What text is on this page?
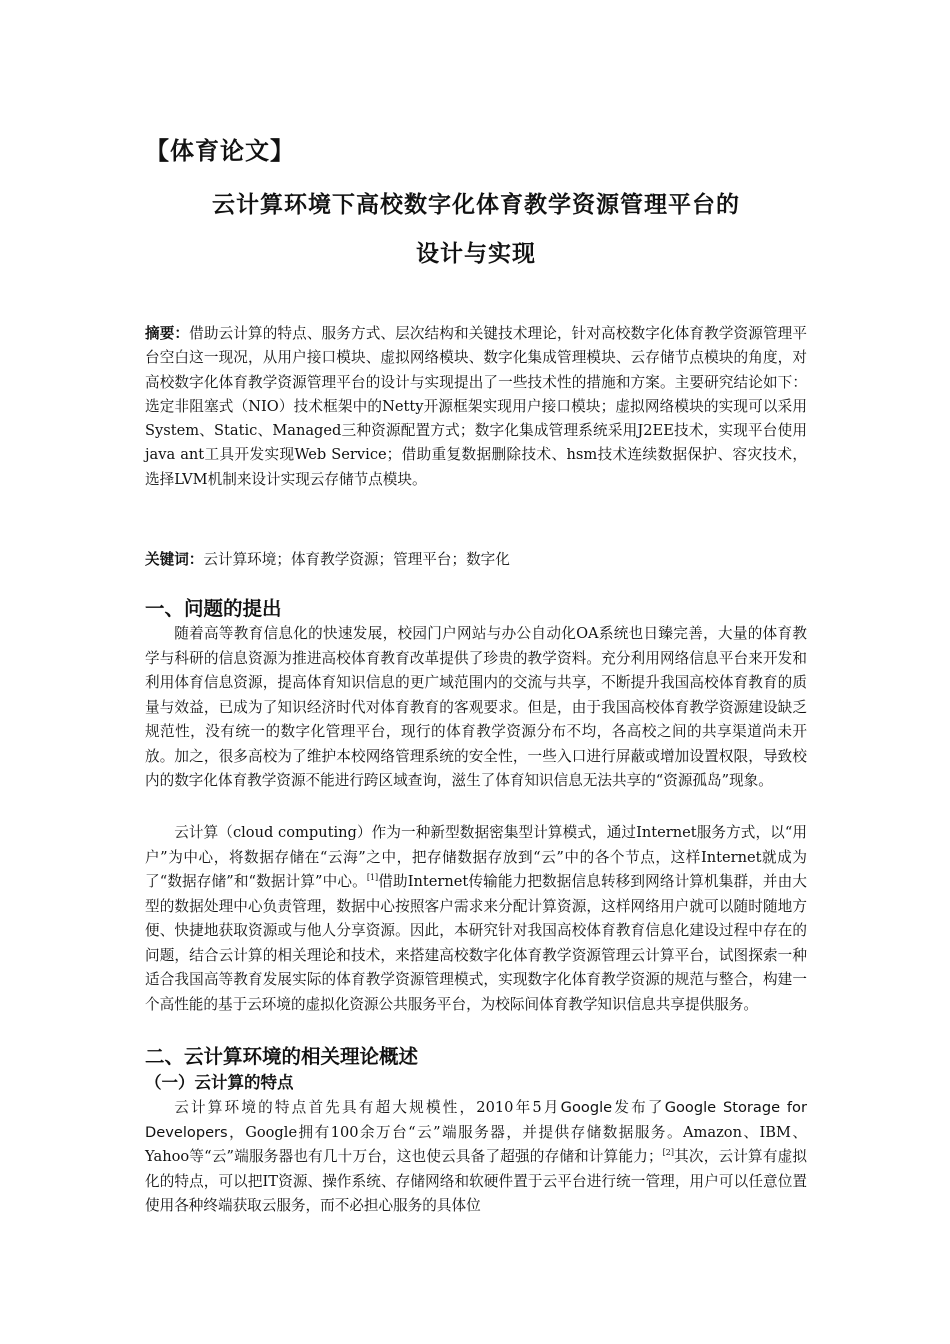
【体育论文】
云计算环境下高校数字化体育教学资源管理平台的
设计与实现
摘要：借助云计算的特点、服务方式、层次结构和关键技术理论，针对高校数字化体育教学资源管理平台空白这一现况，从用户接口模块、虚拟网络模块、数字化集成管理模块、云存储节点模块的角度，对高校数字化体育教学资源管理平台的设计与实现提出了一些技术性的措施和方案。主要研究结论如下：选定非阻塞式（NIO）技术框架中的Netty开源框架实现用户接口模块；虚拟网络模块的实现可以采用System、Static、Managed三种资源配置方式；数字化集成管理系统采用J2EE技术，实现平台使用java ant工具开发实现Web Service；借助重复数据删除技术、hsm技术连续数据保护、容灾技术，选择LVM机制来设计实现云存储节点模块。
关键词：云计算环境；体育教学资源；管理平台；数字化
一、问题的提出
随着高等教育信息化的快速发展，校园门户网站与办公自动化OA系统也日臻完善，大量的体育教学与科研的信息资源为推进高校体育教育改革提供了珍贵的教学资料。充分利用网络信息平台来开发和利用体育信息资源，提高体育知识信息的更广域范围内的交流与共享，不断提升我国高校体育教育的质量与效益，已成为了知识经济时代对体育教育的客观要求。但是，由于我国高校体育教学资源建设缺乏规范性，没有统一的数字化管理平台，现行的体育教学资源分布不均，各高校之间的共享渠道尚未开放。加之，很多高校为了维护本校网络管理系统的安全性，一些入口进行屏蔽或增加设置权限，导致校内的数字化体育教学资源不能进行跨区域查询，滋生了体育知识信息无法共享的“资源孤岛”现象。
云计算（cloud computing）作为一种新型数据密集型计算模式，通过Internet服务方式，以“用户”为中心，将数据存储在“云海”之中，把存储数据存放到“云”中的各个节点，这样Internet就成为了“数据存储”和“数据计算”中心。[1]借助Internet传输能力把数据信息转移到网络计算机集群，并由大型的数据处理中心负责管理，数据中心按照客户需求来分配计算资源，这样网络用户就可以随时随地方便、快捷地获取资源或与他人分享资源。因此，本研究针对我国高校体育教育信息化建设过程中存在的问题，结合云计算的相关理论和技术，来搭建高校数字化体育教学资源管理云计算平台，试图探索一种适合我国高等教育发展实际的体育教学资源管理模式，实现数字化体育教学资源的规范与整合，构建一个高性能的基于云环境的虚拟化资源公共服务平台，为校际间体育教学知识信息共享提供服务。
二、云计算环境的相关理论概述
（一）云计算的特点
云计算环境的特点首先具有超大规模性，2010年5月Google发布了Google Storage for Developers，Google拥有100余万台“云”端服务器，并提供存储数据服务。Amazon、IBM、Yahoo等“云”端服务器也有几十万台，这也使云具备了超强的存储和计算能力；[2]其次，云计算有虚拟化的特点，可以把IT资源、操作系统、存储网络和软硬件置于云平台进行统一管理，用户可以任意位置使用各种终端获取云服务，而不必担心服务的具体位
